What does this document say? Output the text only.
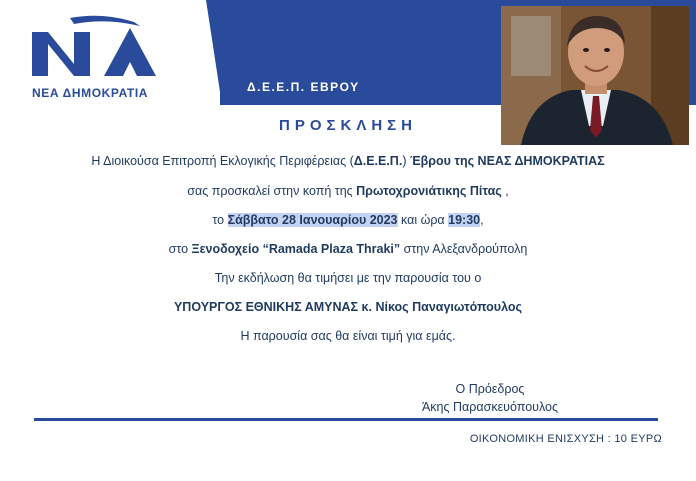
Δ.Ε.Ε.Π. ΕΒΡΟΥ
ΝΕΑ ΔΗΜΟΚΡΑΤΙΑ
ΠΡΟΣΚΛΗΣΗ
Η Διοικούσα Επιτροπή Εκλογικής Περιφέρειας (Δ.Ε.Ε.Π.) Έβρου της ΝΕΑΣ ΔΗΜΟΚΡΑΤΙΑΣ
σας προσκαλεί στην κοπή της Πρωτοχρονιάτικης Πίτας ,
το Σάββατο 28 Ιανουαρίου 2023 και ώρα 19:30,
στο Ξενοδοχείο “Ramada Plaza Thraki” στην Αλεξανδρούπολη
Την εκδήλωση θα τιμήσει με την παρουσία του ο
ΥΠΟΥΡΓΟΣ ΕΘΝΙΚΗΣ ΑΜΥΝΑΣ κ. Νίκος Παναγιωτόπουλος
Η παρουσία σας θα είναι τιμή για εμάς.
Ο Πρόεδρος
Άκης Παρασκευόπουλος
ΟΙΚΟΝΟΜΙΚΗ ΕΝΙΣΧΥΣΗ : 10 ΕΥΡΩ
